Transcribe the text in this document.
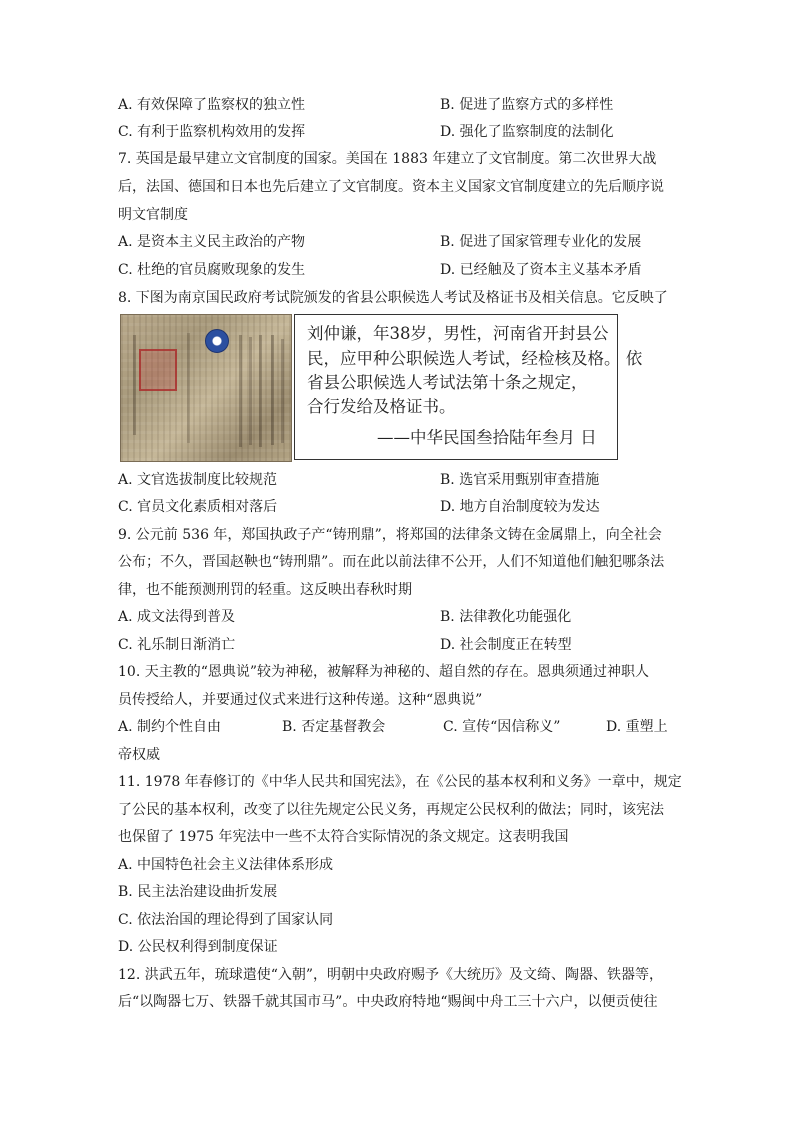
A. 有效保障了监察权的独立性	B. 促进了监察方式的多样性
C. 有利于监察机构效用的发挥	D. 强化了监察制度的法制化
7. 英国是最早建立文官制度的国家。美国在 1883 年建立了文官制度。第二次世界大战
后，法国、德国和日本也先后建立了文官制度。资本主义国家文官制度建立的先后顺序说
明文官制度
A. 是资本主义民主政治的产物	B. 促进了国家管理专业化的发展
C. 杜绝的官员腐败现象的发生	D. 已经触及了资本主义基本矛盾
8. 下图为南京国民政府考试院颁发的省县公职候选人考试及格证书及相关信息。它反映了
刘仲谦，年38岁，男性，河南省开封县公
民，应甲种公职候选人考试，经检核及格。 依
省县公职候选人考试法第十条之规定，
合行发给及格证书。
——中华民国叁拾陆年叁月 日
A. 文官选拔制度比较规范	B. 选官采用甄别审查措施
C. 官员文化素质相对落后	D. 地方自治制度较为发达
9. 公元前 536 年，郑国执政子产“铸刑鼎”，将郑国的法律条文铸在金属鼎上，向全社会
公布；不久，晋国赵鞅也“铸刑鼎”。而在此以前法律不公开，人们不知道他们触犯哪条法
律，也不能预测刑罚的轻重。这反映出春秋时期
A. 成文法得到普及	B. 法律教化功能强化
C. 礼乐制日渐消亡	D. 社会制度正在转型
10. 天主教的“恩典说”较为神秘，被解释为神秘的、超自然的存在。恩典须通过神职人
员传授给人，并要通过仪式来进行这种传递。这种“恩典说”
A. 制约个性自由	B. 否定基督教会	C. 宣传“因信称义”	D. 重塑上
帝权威
11. 1978 年春修订的《中华人民共和国宪法》，在《公民的基本权利和义务》一章中，规定
了公民的基本权利，改变了以往先规定公民义务，再规定公民权利的做法；同时，该宪法
也保留了 1975 年宪法中一些不太符合实际情况的条文规定。这表明我国
A. 中国特色社会主义法律体系形成
B. 民主法治建设曲折发展
C. 依法治国的理论得到了国家认同
D. 公民权利得到制度保证
12. 洪武五年，琉球遣使“入朝”，明朝中央政府赐予《大统历》及文绮、陶器、铁器等，
后“以陶器七万、铁器千就其国市马”。中央政府特地“赐闽中舟工三十六户，以便贡使往
